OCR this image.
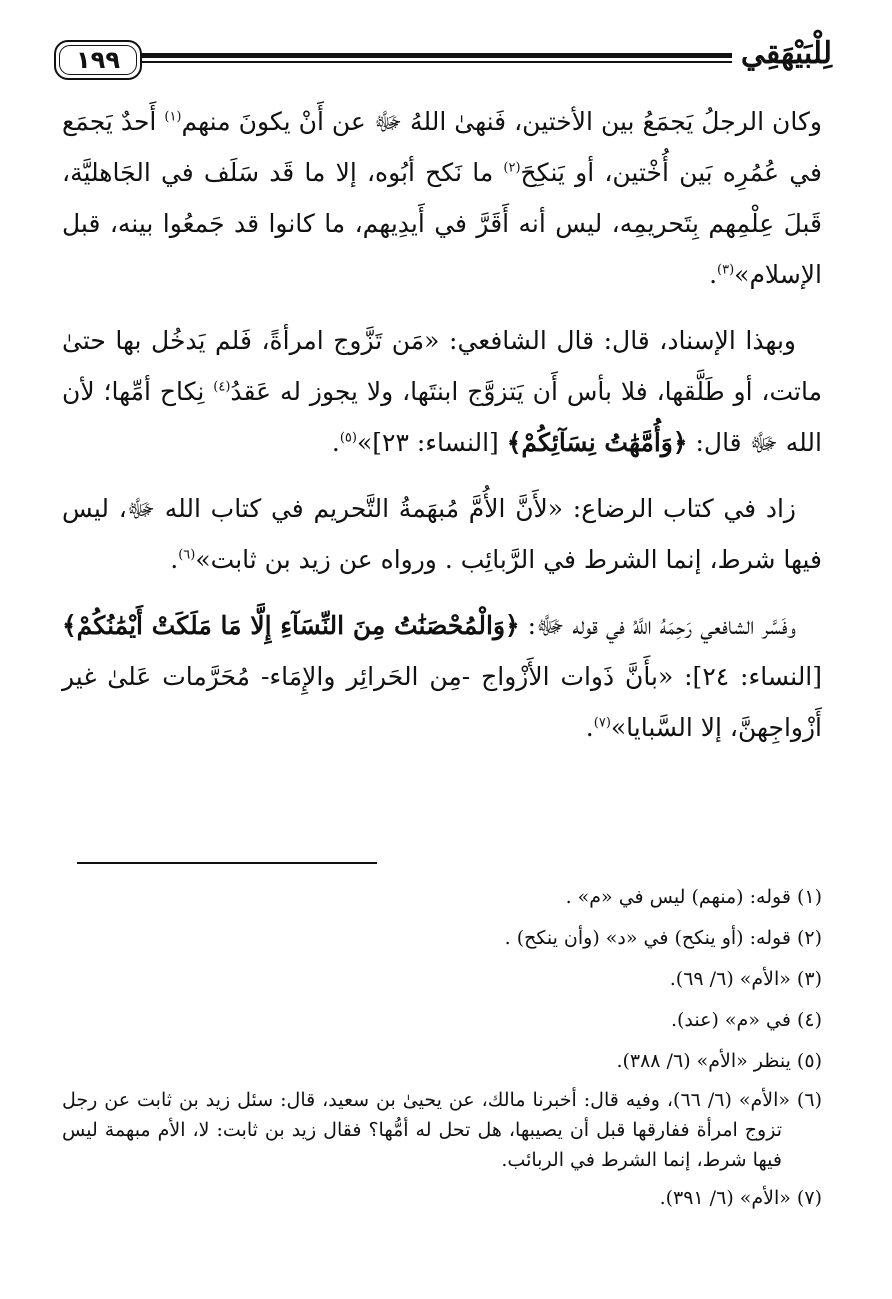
١٩٩	لِلْبَيْهَقِي

وكان الرجلُ يَجمَعُ بين الأختين، فَنهىٰ اللهُ ﷻ عن أَنْ يكونَ منهم$^{(١)}$ أَحدٌ يَجمَع في عُمُرِه بَين أُخْتين، أو يَنكِحَ$^{(٢)}$ ما نَكح أبُوه، إلا ما قَد سَلَف في الجَاهليَّة، قَبلَ عِلْمِهم بِتَحريمِه، ليس أنه أَقَرَّ في أَيدِيهم، ما كانوا قد جَمعُوا بينه، قبل الإسلام»$^{(٣)}$.

وبهذا الإسناد، قال: قال الشافعي: «مَن تَزَّوج امرأةً، فَلم يَدخُل بها حتىٰ ماتت، أو طَلَّقها، فلا بأس أَن يَتزوَّج ابنتَها، ولا يجوز له عَقدُ$^{(٤)}$ نِكاح أمِّها؛ لأن الله ﷻ قال: ﴿وَأُمَّهَٰتُ نِسَآئِكُمْ﴾ [النساء: ٢٣]»$^{(٥)}$.

زاد في كتاب الرضاع: «لأَنَّ الأُمَّ مُبهَمةُ التَّحريم في كتاب الله ﷻ، ليس فيها شرط، إنما الشرط في الرَّبائِب . ورواه عن زيد بن ثابت»$^{(٦)}$.

وفَسَّر الشافعي رَحِمَهُ اللَّهُ في قوله ﷻ: ﴿وَالْمُحْصَنَٰتُ مِنَ النِّسَآءِ إِلَّا مَا مَلَكَتْ أَيْمَٰنُكُمْ﴾ [النساء: ٢٤]: «بأَنَّ ذَوات الأَزْواج -مِن الحَرائِر والإِمَاء- مُحَرَّمات عَلىٰ غير أَزْواجِهنَّ، إلا السَّبايا»$^{(٧)}$.

(١) قوله: (منهم) ليس في «م» .
(٢) قوله: (أو ينكح) في «د» (وأن ينكح) .
(٣) «الأم» (٦/ ٦٩).
(٤) في «م» (عند).
(٥) ينظر «الأم» (٦/ ٣٨٨).
(٦) «الأم» (٦/ ٦٦)، وفيه قال: أخبرنا مالك، عن يحيىٰ بن سعيد، قال: سئل زيد بن ثابت عن رجل تزوج امرأة ففارقها قبل أن يصيبها، هل تحل له أمُّها؟ فقال زيد بن ثابت: لا، الأم مبهمة ليس فيها شرط، إنما الشرط في الربائب.
(٧) «الأم» (٦/ ٣٩١).
